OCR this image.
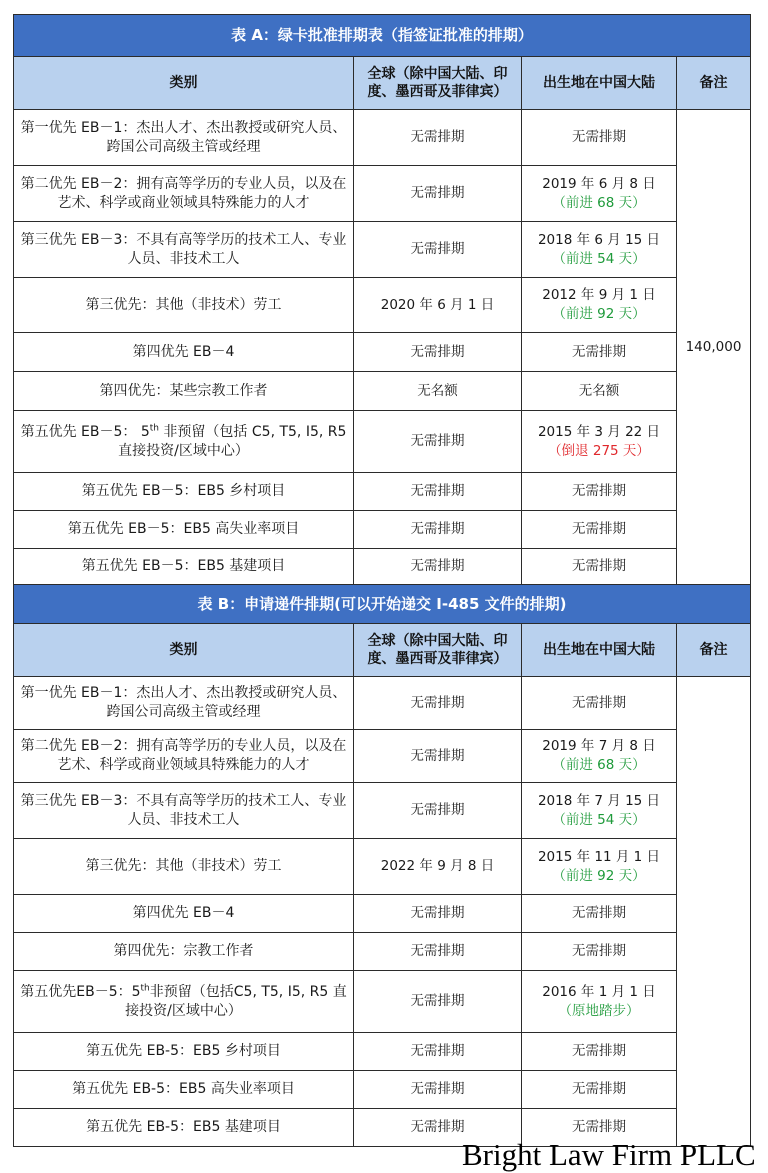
表 A：绿卡批准排期表（指签证批准的排期）			
类别	全球（除中国大陆、印度、墨西哥及菲律宾）	出生地在中国大陆	备注
第一优先 EB－1：杰出人才、杰出教授或研究人员、跨国公司高级主管或经理	无需排期	无需排期	140,000
第二优先 EB－2：拥有高等学历的专业人员，以及在艺术、科学或商业领域具特殊能力的人才	无需排期	2019 年 6 月 8 日
（前进 68 天）	

第三优先 EB－3：不具有高等学历的技术工人、专业人员、非技术工人	无需排期	2018 年 6 月 15 日
（前进 54 天）	

第三优先：其他（非技术）劳工	2020 年 6 月 1 日	2012 年 9 月 1 日
（前进 92 天）	

第四优先 EB－4	无需排期	无需排期	
第四优先：某些宗教工作者	无名额	无名额	
第五优先 EB－5： 5th 非预留（包括 C5, T5, I5, R5 直接投资/区域中心）	无需排期	2015 年 3 月 22 日
（倒退 275 天）	

第五优先 EB－5：EB5 乡村项目	无需排期	无需排期	
第五优先 EB－5：EB5 高失业率项目	无需排期	无需排期	
第五优先 EB－5：EB5 基建项目	无需排期	无需排期	
表 B：申请递件排期(可以开始递交 I-485 文件的排期)			
类别	全球（除中国大陆、印度、墨西哥及菲律宾）	出生地在中国大陆	备注
第一优先 EB－1：杰出人才、杰出教授或研究人员、跨国公司高级主管或经理	无需排期	无需排期	
第二优先 EB－2：拥有高等学历的专业人员，以及在艺术、科学或商业领域具特殊能力的人才	无需排期	2019 年 7 月 8 日
（前进 68 天）	

第三优先 EB－3：不具有高等学历的技术工人、专业人员、非技术工人	无需排期	2018 年 7 月 15 日
（前进 54 天）	

第三优先：其他（非技术）劳工	2022 年 9 月 8 日	2015 年 11 月 1 日
（前进 92 天）	

第四优先 EB－4	无需排期	无需排期	
第四优先：宗教工作者	无需排期	无需排期	
第五优先EB－5：5th非预留（包括C5, T5, I5, R5 直接投资/区域中心）	无需排期	2016 年 1 月 1 日
（原地踏步）	

第五优先 EB-5：EB5 乡村项目	无需排期	无需排期	
第五优先 EB-5：EB5 高失业率项目	无需排期	无需排期	
第五优先 EB-5：EB5 基建项目	无需排期	无需排期	
Bright Law Firm PLLC
